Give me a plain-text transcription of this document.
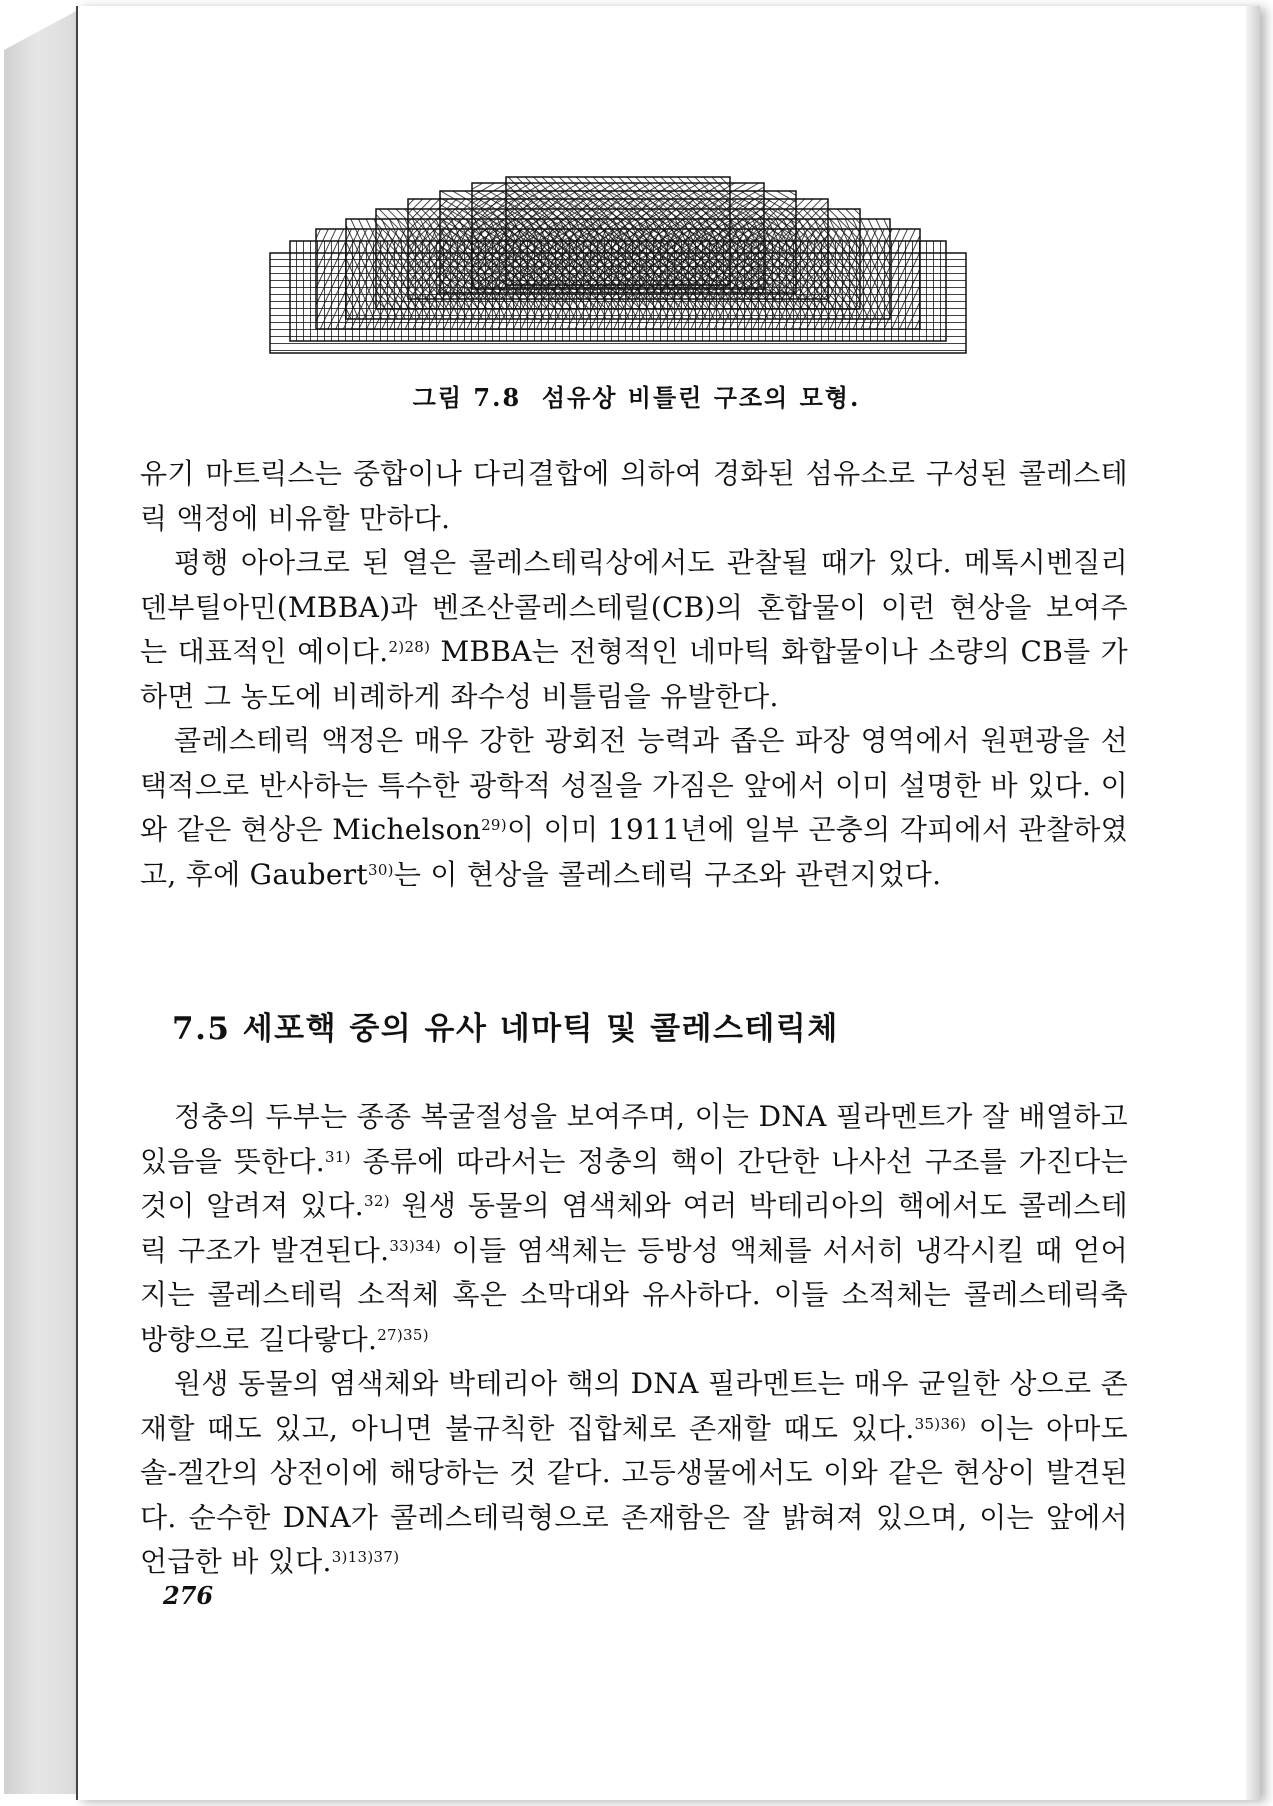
그림 7.8 섬유상 비틀린 구조의 모형.

유기 마트릭스는 중합이나 다리결합에 의하여 경화된 섬유소로 구성된 콜레스테릭 액정에 비유할 만하다.

평행 아아크로 된 열은 콜레스테릭상에서도 관찰될 때가 있다. 메톡시벤질리덴부틸아민(MBBA)과 벤조산콜레스테릴(CB)의 혼합물이 이런 현상을 보여주는 대표적인 예이다.$^{2)28)}$ MBBA는 전형적인 네마틱 화합물이나 소량의 CB를 가하면 그 농도에 비례하게 좌수성 비틀림을 유발한다.

콜레스테릭 액정은 매우 강한 광회전 능력과 좁은 파장 영역에서 원편광을 선택적으로 반사하는 특수한 광학적 성질을 가짐은 앞에서 이미 설명한 바 있다. 이와 같은 현상은 Michelson$^{29)}$이 이미 1911년에 일부 곤충의 각피에서 관찰하였고, 후에 Gaubert$^{30)}$는 이 현상을 콜레스테릭 구조와 관련지었다.

7.5 세포핵 중의 유사 네마틱 및 콜레스테릭체

정충의 두부는 종종 복굴절성을 보여주며, 이는 DNA 필라멘트가 잘 배열하고 있음을 뜻한다.$^{31)}$ 종류에 따라서는 정충의 핵이 간단한 나사선 구조를 가진다는 것이 알려져 있다.$^{32)}$ 원생 동물의 염색체와 여러 박테리아의 핵에서도 콜레스테릭 구조가 발견된다.$^{33)34)}$ 이들 염색체는 등방성 액체를 서서히 냉각시킬 때 얻어지는 콜레스테릭 소적체 혹은 소막대와 유사하다. 이들 소적체는 콜레스테릭축 방향으로 길다랗다.$^{27)35)}$

원생 동물의 염색체와 박테리아 핵의 DNA 필라멘트는 매우 균일한 상으로 존재할 때도 있고, 아니면 불규칙한 집합체로 존재할 때도 있다.$^{35)36)}$ 이는 아마도 솔-겔간의 상전이에 해당하는 것 같다. 고등생물에서도 이와 같은 현상이 발견된다. 순수한 DNA가 콜레스테릭형으로 존재함은 잘 밝혀져 있으며, 이는 앞에서 언급한 바 있다.$^{3)13)37)}$

276
